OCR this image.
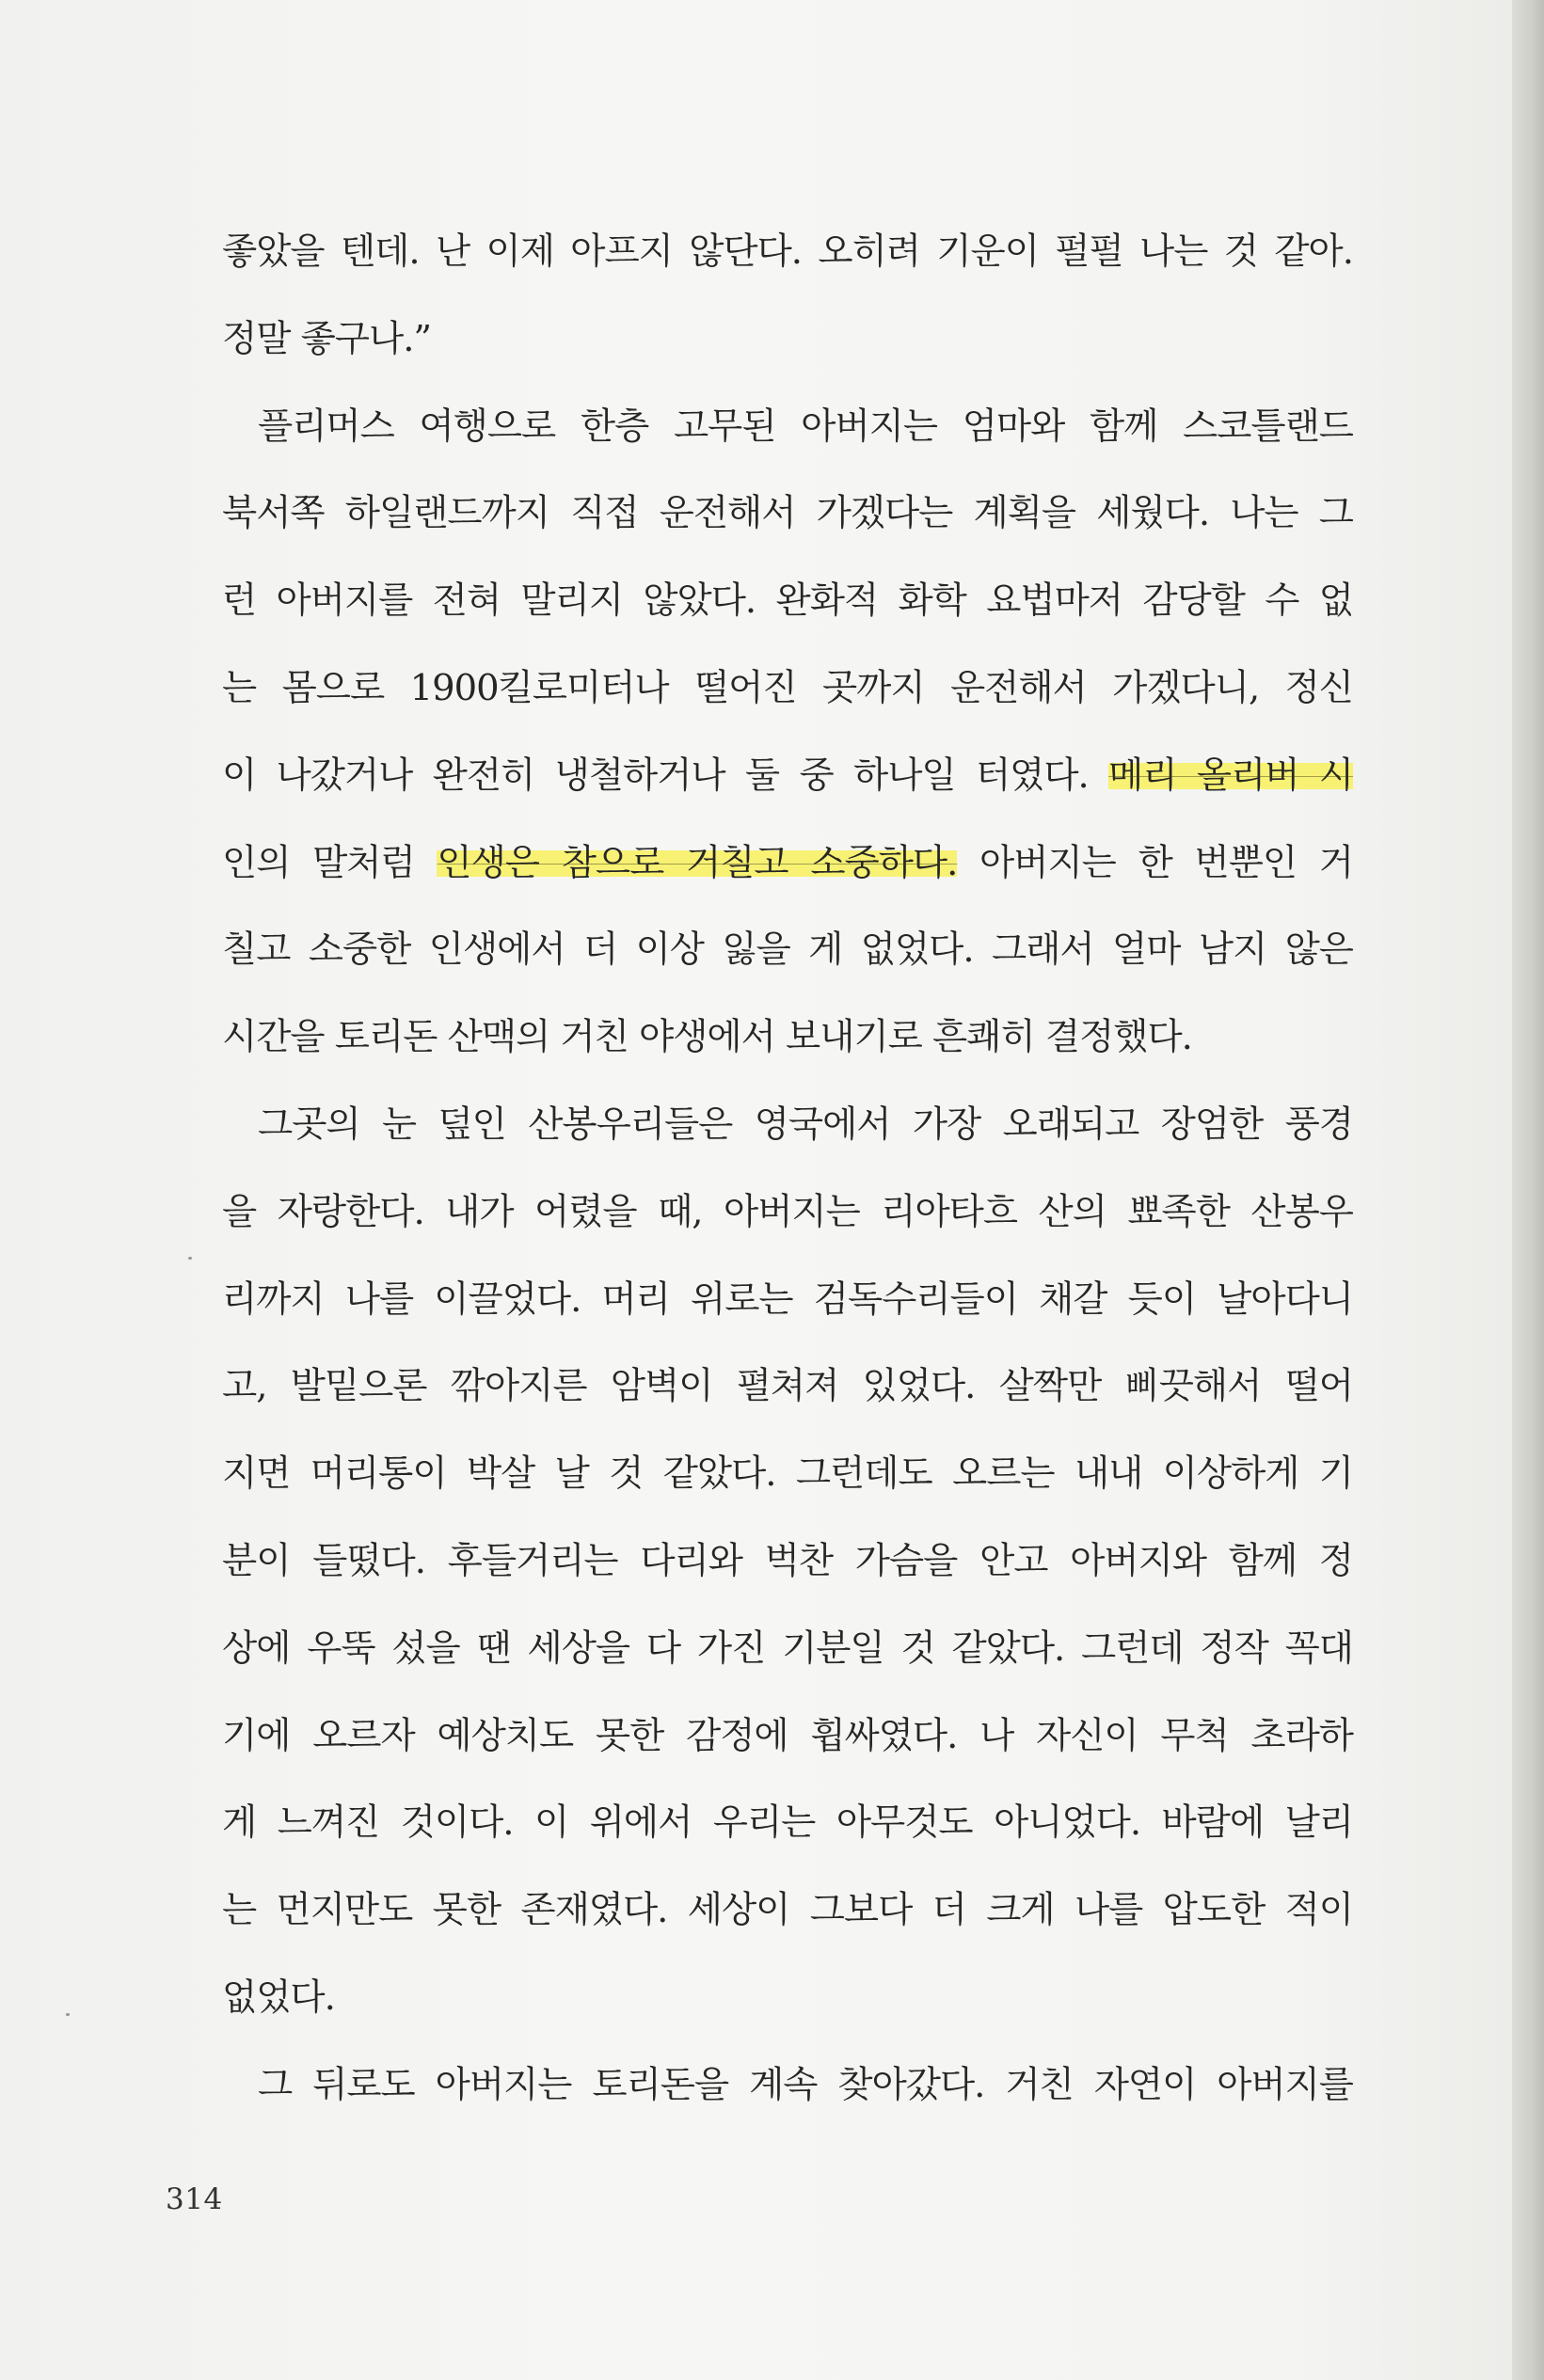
좋았을 텐데. 난 이제 아프지 않단다. 오히려 기운이 펄펄 나는 것 같아.
정말 좋구나.”
플리머스 여행으로 한층 고무된 아버지는 엄마와 함께 스코틀랜드
북서쪽 하일랜드까지 직접 운전해서 가겠다는 계획을 세웠다. 나는 그
런 아버지를 전혀 말리지 않았다. 완화적 화학 요법마저 감당할 수 없
는 몸으로 1900킬로미터나 떨어진 곳까지 운전해서 가겠다니, 정신
이 나갔거나 완전히 냉철하거나 둘 중 하나일 터였다. 메리 올리버 시
인의 말처럼 인생은 참으로 거칠고 소중하다. 아버지는 한 번뿐인 거
칠고 소중한 인생에서 더 이상 잃을 게 없었다. 그래서 얼마 남지 않은
시간을 토리돈 산맥의 거친 야생에서 보내기로 흔쾌히 결정했다.
그곳의 눈 덮인 산봉우리들은 영국에서 가장 오래되고 장엄한 풍경
을 자랑한다. 내가 어렸을 때, 아버지는 리아타흐 산의 뾰족한 산봉우
리까지 나를 이끌었다. 머리 위로는 검독수리들이 채갈 듯이 날아다니
고, 발밑으론 깎아지른 암벽이 펼쳐져 있었다. 살짝만 삐끗해서 떨어
지면 머리통이 박살 날 것 같았다. 그런데도 오르는 내내 이상하게 기
분이 들떴다. 후들거리는 다리와 벅찬 가슴을 안고 아버지와 함께 정
상에 우뚝 섰을 땐 세상을 다 가진 기분일 것 같았다. 그런데 정작 꼭대
기에 오르자 예상치도 못한 감정에 휩싸였다. 나 자신이 무척 초라하
게 느껴진 것이다. 이 위에서 우리는 아무것도 아니었다. 바람에 날리
는 먼지만도 못한 존재였다. 세상이 그보다 더 크게 나를 압도한 적이
없었다.
그 뒤로도 아버지는 토리돈을 계속 찾아갔다. 거친 자연이 아버지를
314
